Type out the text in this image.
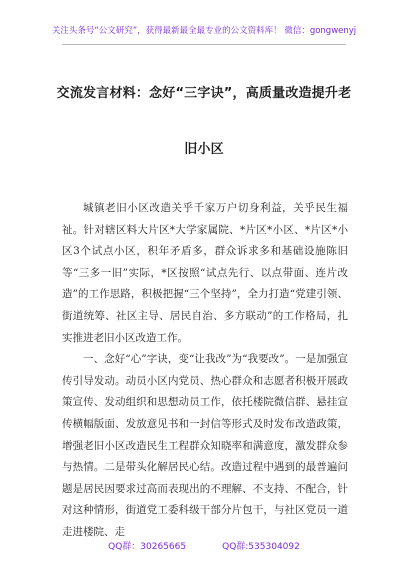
关注头条号“公文研究”，获得最新最全最专业的公文资料库！ 微信：gongwenyj
交流发言材料：念好“三字诀”，高质量改造提升老旧小区

城镇老旧小区改造关乎千家万户切身利益，关乎民生福祉。针对辖区料大片区*大学家属院、*片区*小区、*片区*小区3个试点小区，积年矛盾多，群众诉求多和基础设施陈旧等“三多一旧”实际，*区按照“试点先行、以点带面、连片改造”的工作思路，积极把握“三个坚持”，全力打造“党建引领、街道统筹、社区主导、居民自治、多方联动”的工作格局，扎实推进老旧小区改造工作。

一、念好“心”字诀，变“让我改”为“我要改”。一是加强宣传引导发动。动员小区内党员、热心群众和志愿者积极开展政策宣传、发动组织和思想动员工作，依托楼院微信群、悬挂宣传横幅版面、发放意见书和一封信等形式及时发布改造政策，增强老旧小区改造民生工程群众知晓率和满意度，激发群众参与热情。二是带头化解居民心结。改造过程中遇到的最普遍问题是居民因要求过高而表现出的不理解、不支持、不配合，针对这种情形，街道党工委科级干部分片包干，与社区党员一道走进楼院、走

QQ群：30265665	QQ群:535304092
